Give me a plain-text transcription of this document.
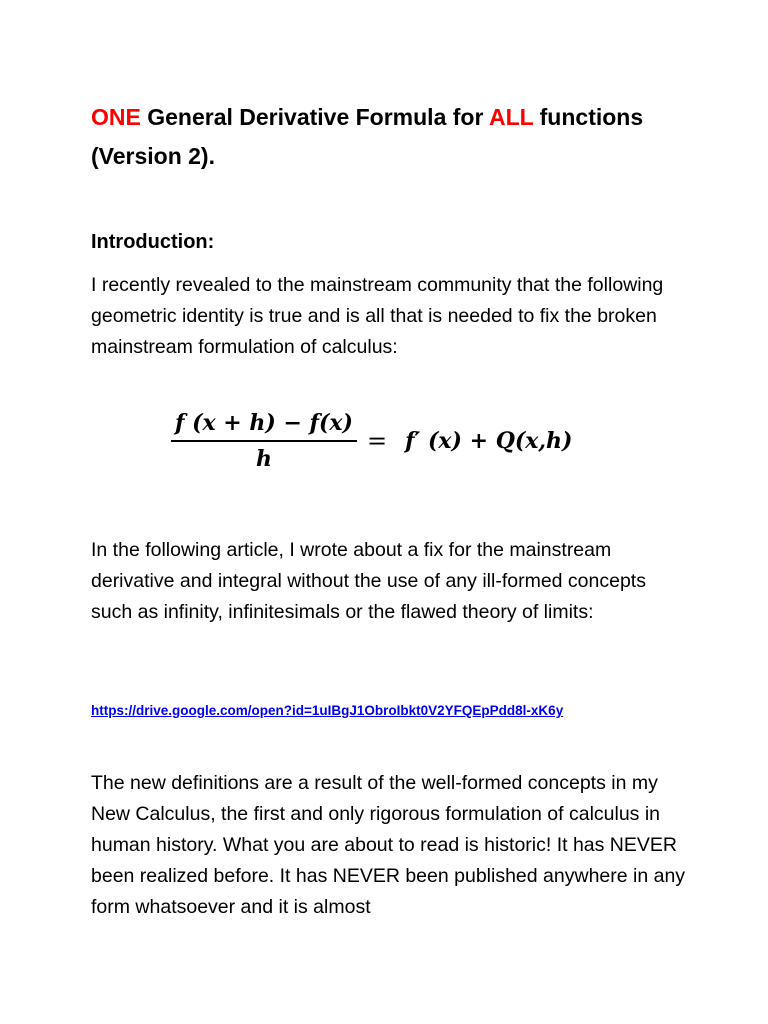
ONE General Derivative Formula for ALL functions (Version 2).
Introduction:

I recently revealed to the mainstream community that the following geometric identity is true and is all that is needed to fix the broken mainstream formulation of calculus:

$\frac{f (x + h) - f(x)}{h} = f'$ (x) + Q(x,h)

In the following article, I wrote about a fix for the mainstream derivative and integral without the use of any ill-formed concepts such as infinity, infinitesimals or the flawed theory of limits:

https://drive.google.com/open?id=1uIBgJ1ObroIbkt0V2YFQEpPdd8l-xK6y

The new definitions are a result of the well-formed concepts in my New Calculus, the first and only rigorous formulation of calculus in human history. What you are about to read is historic! It has NEVER been realized before. It has NEVER been published anywhere in any form whatsoever and it is almost
